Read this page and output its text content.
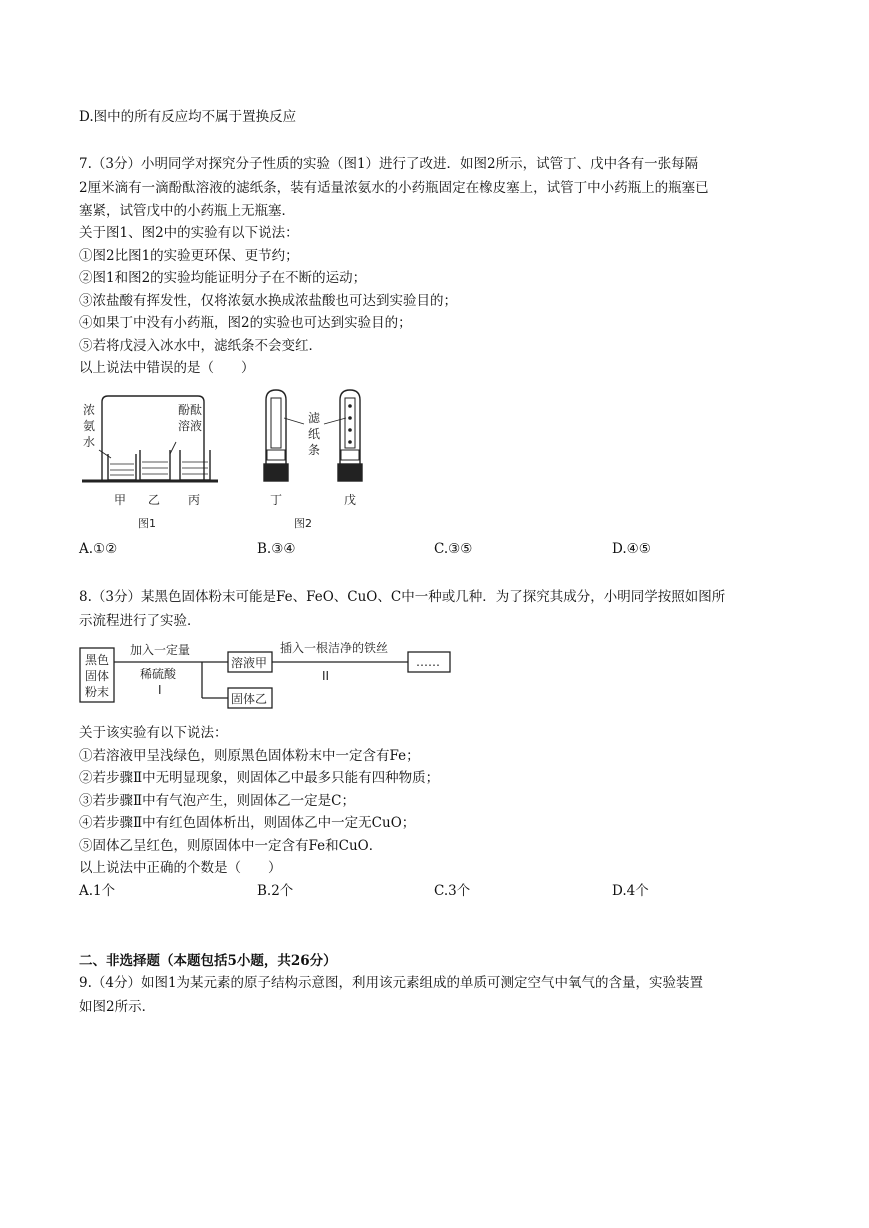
D.图中的所有反应均不属于置换反应
7.（3分）小明同学对探究分子性质的实验（图1）进行了改进．如图2所示，试管丁、戊中各有一张每隔
2厘米滴有一滴酚酞溶液的滤纸条，装有适量浓氨水的小药瓶固定在橡皮塞上，试管丁中小药瓶上的瓶塞已
塞紧，试管戊中的小药瓶上无瓶塞．
关于图1、图2中的实验有以下说法：
①图2比图1的实验更环保、更节约；
②图1和图2的实验均能证明分子在不断的运动；
③浓盐酸有挥发性，仅将浓氨水换成浓盐酸也可达到实验目的；
④如果丁中没有小药瓶，图2的实验也可达到实验目的；
⑤若将戊浸入冰水中，滤纸条不会变红．
以上说法中错误的是（　　）
浓
氨
水
酚酞
溶液
甲 乙 丙
图1
滤
纸
条
丁	戊
图2
A.①②	B.③④	C.③⑤	D.④⑤
8.（3分）某黑色固体粉末可能是Fe、FeO、CuO、C中一种或几种．为了探究其成分，小明同学按照如图所
示流程进行了实验．
黑色
固体
粉末
加入一定量
稀硫酸
I
溶液甲
固体乙
插入一根洁净的铁丝
II
……
关于该实验有以下说法：
①若溶液甲呈浅绿色，则原黑色固体粉末中一定含有Fe；
②若步骤Ⅱ中无明显现象，则固体乙中最多只能有四种物质；
③若步骤Ⅱ中有气泡产生，则固体乙一定是C；
④若步骤Ⅱ中有红色固体析出，则固体乙中一定无CuO；
⑤固体乙呈红色，则原固体中一定含有Fe和CuO．
以上说法中正确的个数是（　　）
A.1个	B.2个	C.3个	D.4个
二、非选择题（本题包括5小题，共26分）
9.（4分）如图1为某元素的原子结构示意图，利用该元素组成的单质可测定空气中氧气的含量，实验装置
如图2所示．
